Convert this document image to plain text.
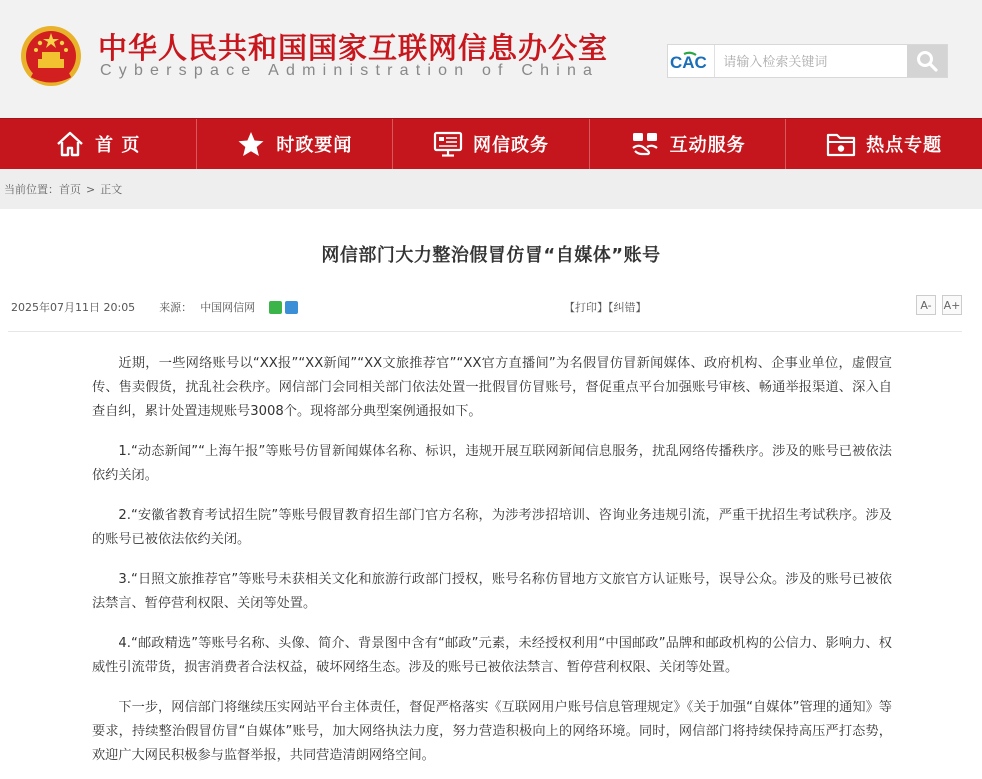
中华人民共和国国家互联网信息办公室
Cyberspace Administration of China	CAC
请输入检索关键词
首 页	时政要闻	网信政务	互动服务	热点专题
当前位置： 首页 > 正文
网信部门大力整治假冒仿冒“自媒体”账号
2025年07月11日 20:05 来源： 中国网信网	【打印】【纠错】	A-	A+

近期，一些网络账号以“XX报”“XX新闻”“XX文旅推荐官”“XX官方直播间”为名假冒仿冒新闻媒体、政府机构、企事业单位，虚假宣传、售卖假货，扰乱社会秩序。网信部门会同相关部门依法处置一批假冒仿冒账号，督促重点平台加强账号审核、畅通举报渠道、深入自查自纠，累计处置违规账号3008个。现将部分典型案例通报如下。

1.“动态新闻”“上海午报”等账号仿冒新闻媒体名称、标识，违规开展互联网新闻信息服务，扰乱网络传播秩序。涉及的账号已被依法依约关闭。

2.“安徽省教育考试招生院”等账号假冒教育招生部门官方名称，为涉考涉招培训、咨询业务违规引流，严重干扰招生考试秩序。涉及的账号已被依法依约关闭。

3.“日照文旅推荐官”等账号未获相关文化和旅游行政部门授权，账号名称仿冒地方文旅官方认证账号，误导公众。涉及的账号已被依法禁言、暂停营利权限、关闭等处置。

4.“邮政精选”等账号名称、头像、简介、背景图中含有“邮政”元素，未经授权利用“中国邮政”品牌和邮政机构的公信力、影响力、权威性引流带货，损害消费者合法权益，破坏网络生态。涉及的账号已被依法禁言、暂停营利权限、关闭等处置。

下一步，网信部门将继续压实网站平台主体责任，督促严格落实《互联网用户账号信息管理规定》《关于加强“自媒体”管理的通知》等要求，持续整治假冒仿冒“自媒体”账号，加大网络执法力度，努力营造积极向上的网络环境。同时，网信部门将持续保持高压严打态势，欢迎广大网民积极参与监督举报，共同营造清朗网络空间。
